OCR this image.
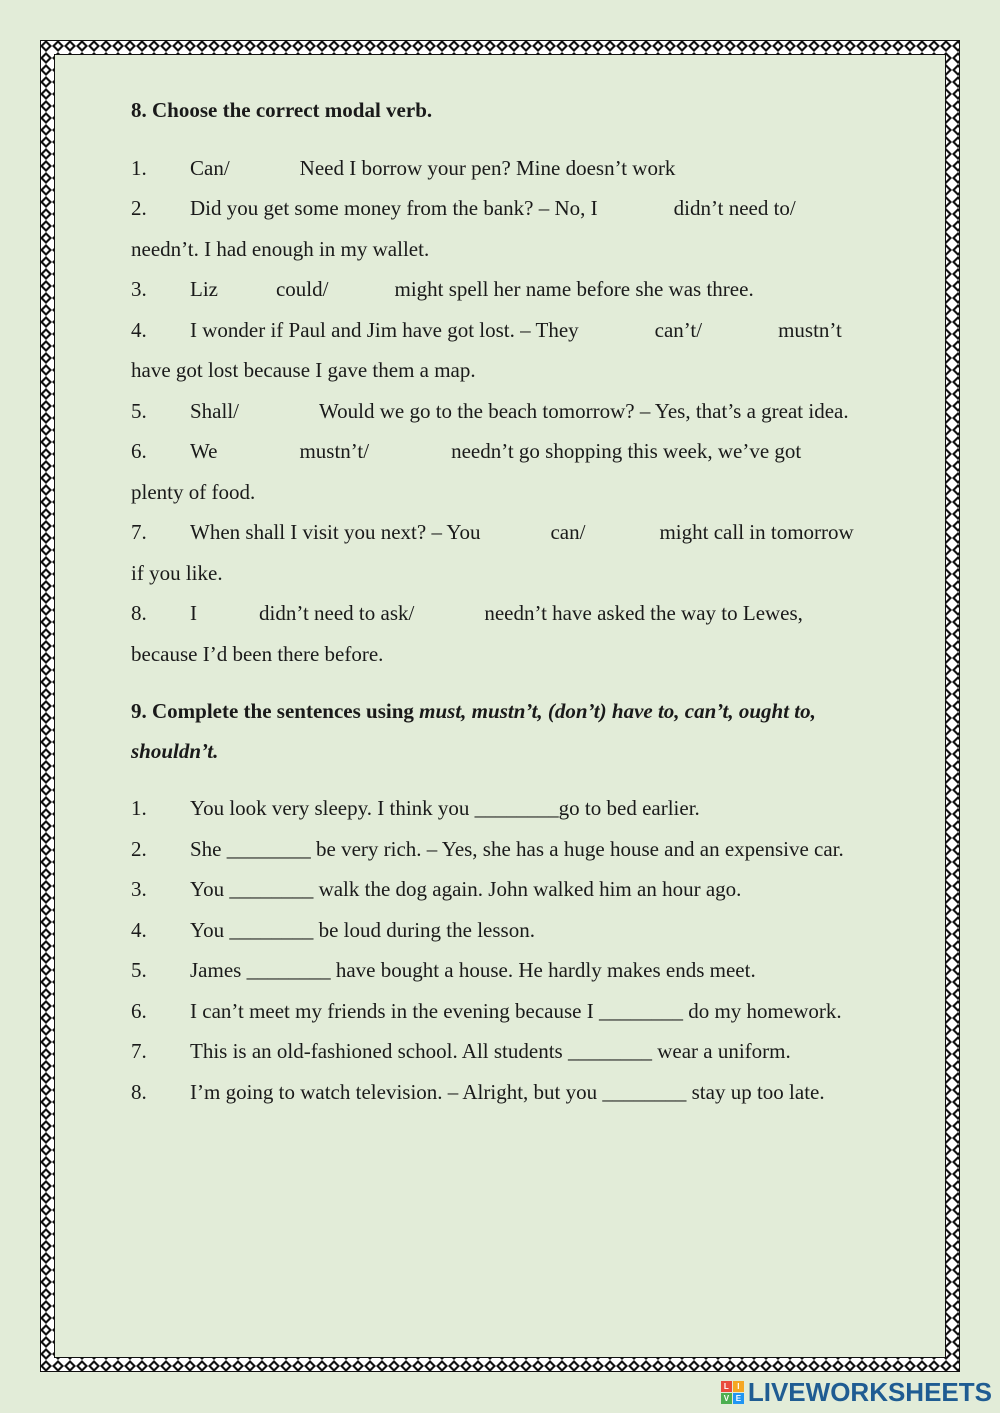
8. Choose the correct modal verb.
1. Can/	Need I borrow your pen? Mine doesn’t work
2. Did you get some money from the bank? – No, I	didn’t need to/
needn’t. I had enough in my wallet.
3. Liz	could/	might spell her name before she was three.
4. I wonder if Paul and Jim have got lost. – They	can’t/	mustn’t
have got lost because I gave them a map.
5. Shall/	Would we go to the beach tomorrow? – Yes, that’s a great idea.
6. We	mustn’t/	needn’t go shopping this week, we’ve got
plenty of food.
7. When shall I visit you next? – You	can/	might call in tomorrow
if you like.
8. I	didn’t need to ask/	needn’t have asked the way to Lewes,
because I’d been there before.
9. Complete the sentences using must, mustn’t, (don’t) have to, can’t, ought to,
shouldn’t.
1. You look very sleepy. I think you ________go to bed earlier.
2. She ________ be very rich. – Yes, she has a huge house and an expensive car.
3. You ________ walk the dog again. John walked him an hour ago.
4. You ________ be loud during the lesson.
5. James ________ have bought a house. He hardly makes ends meet.
6. I can’t meet my friends in the evening because I ________ do my homework.
7. This is an old-fashioned school. All students ________ wear a uniform.
8. I’m going to watch television. – Alright, but you ________ stay up too late.
L	I
V E LIVEWORKSHEETS
